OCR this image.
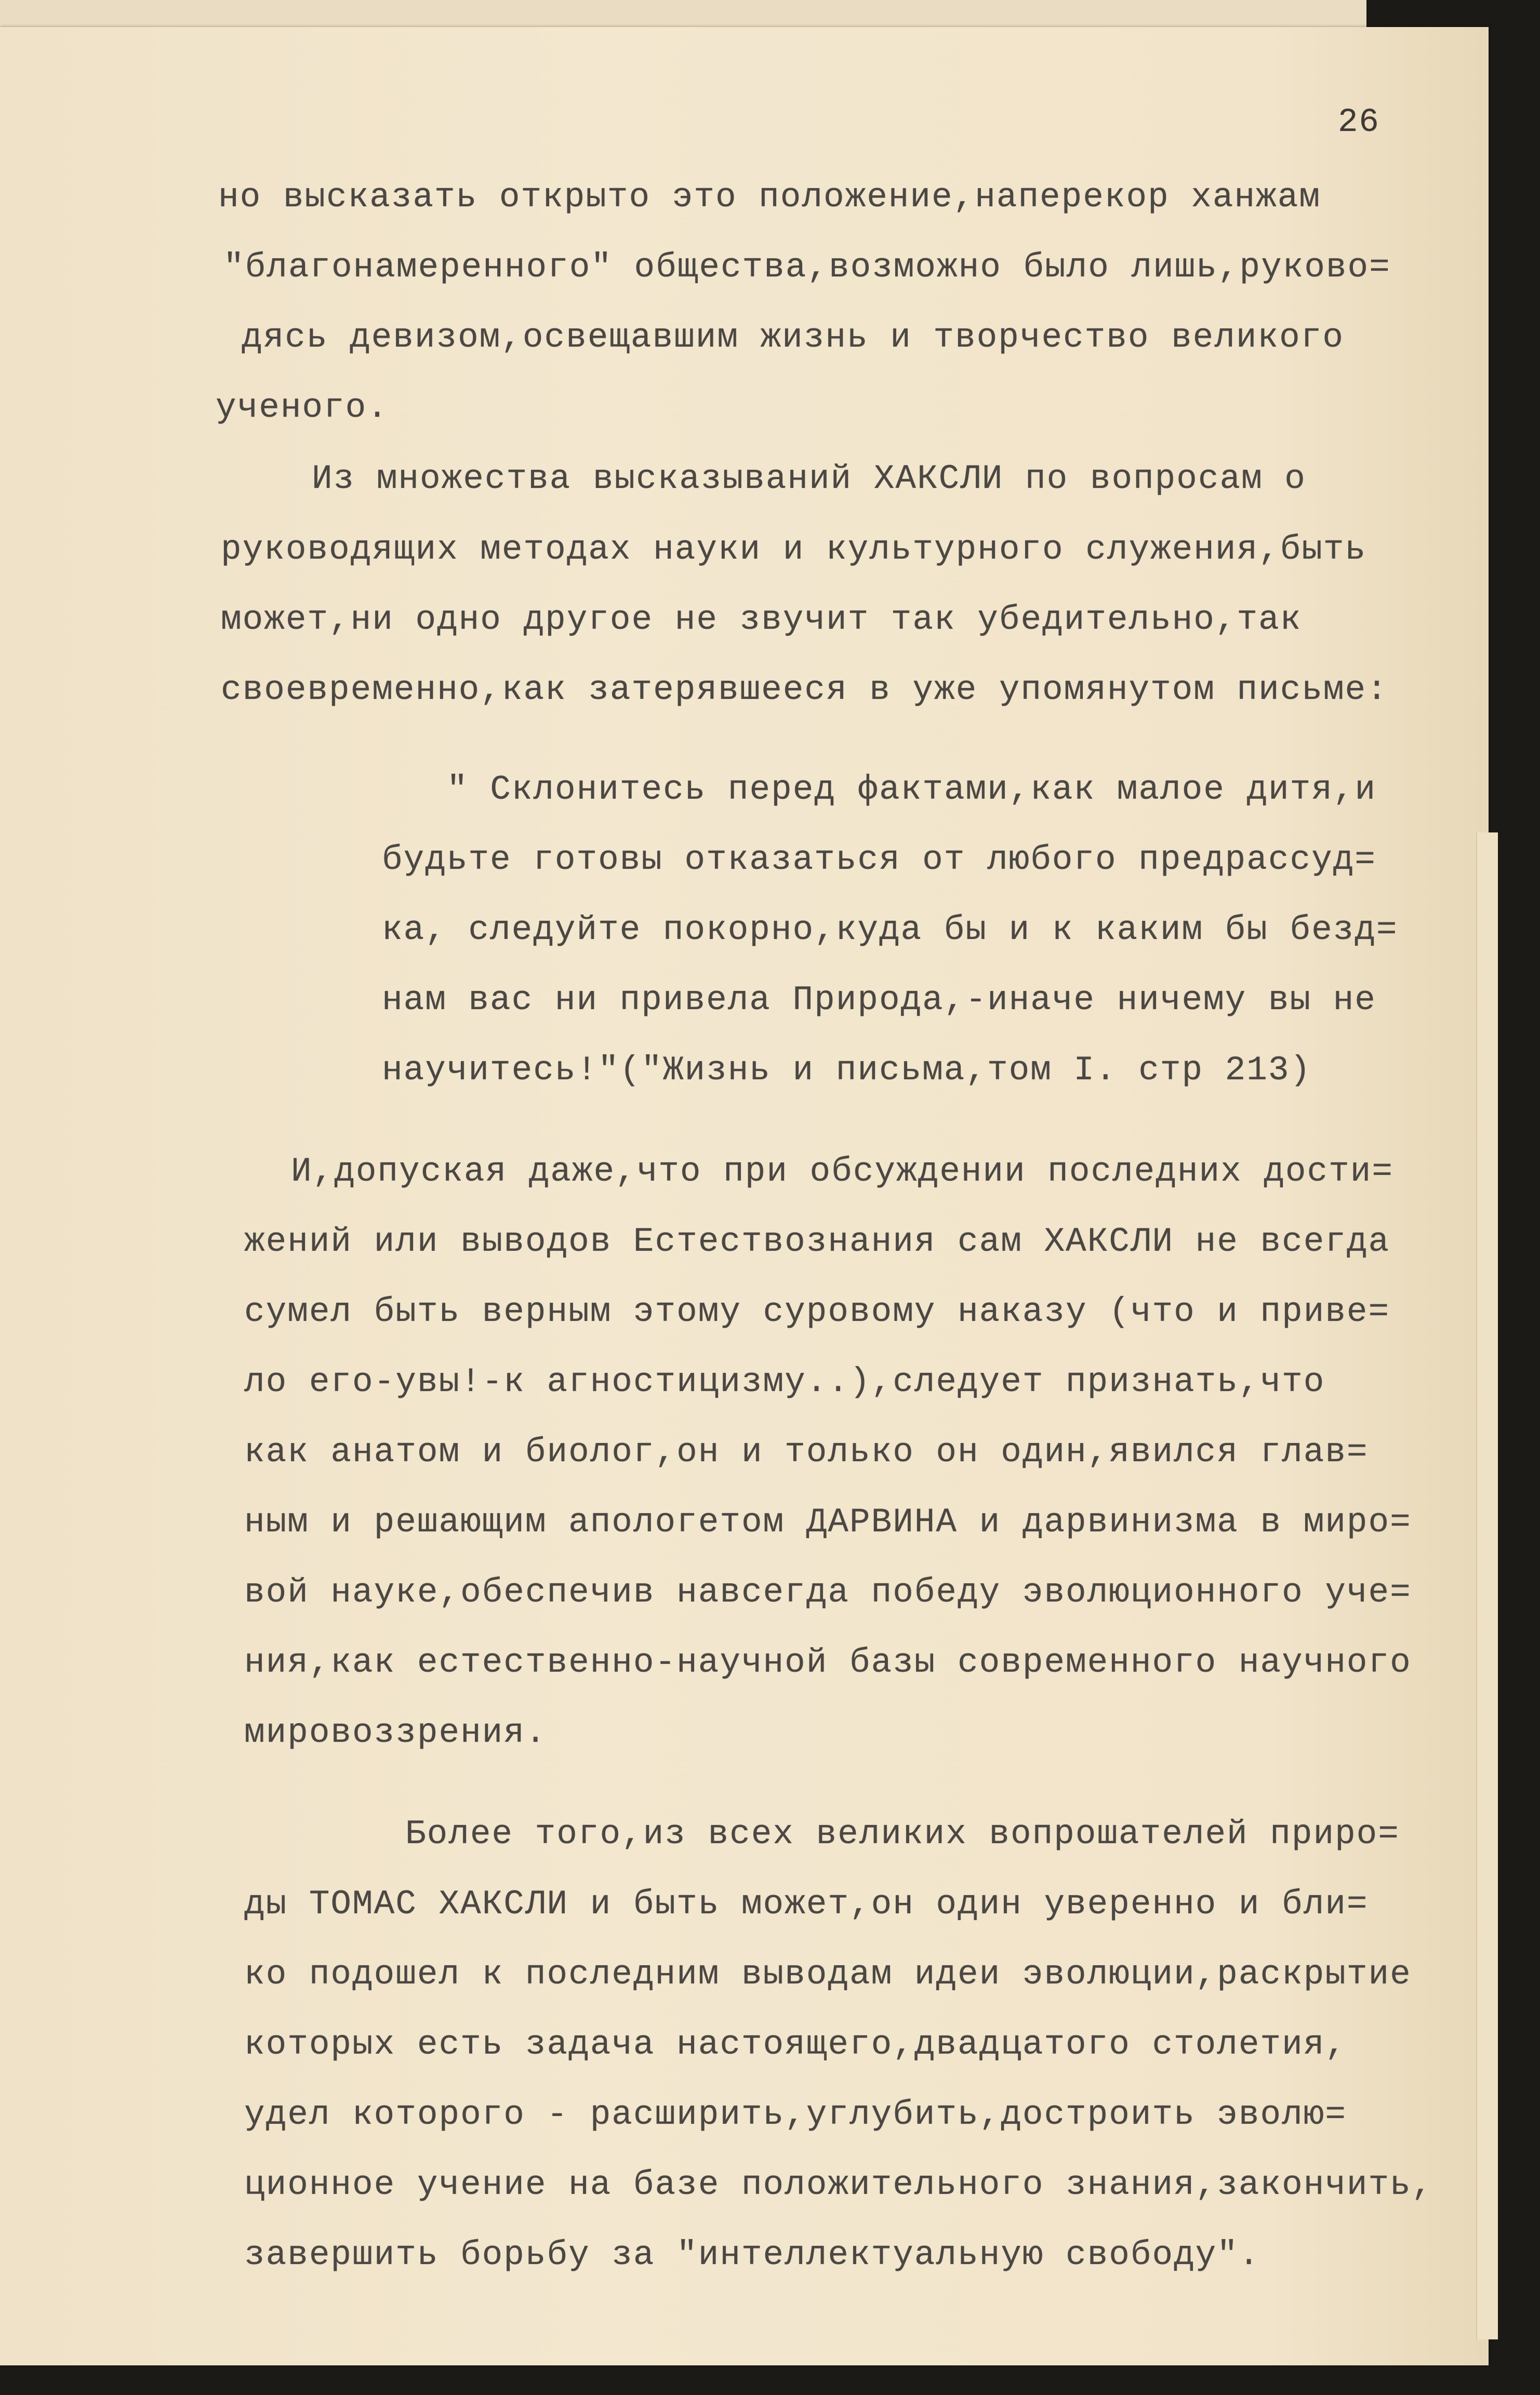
26
но высказать открыто это положение,наперекор ханжам
"благонамеренного" общества,возможно было лишь,руково=
дясь девизом,освещавшим жизнь и творчество великого
ученого.
Из множества высказываний ХАКСЛИ по вопросам о
руководящих методах науки и культурного служения,быть
может,ни одно другое не звучит так убедительно,так
своевременно,как затерявшееся в уже упомянутом письме:
" Склонитесь перед фактами,как малое дитя,и
будьте готовы отказаться от любого предрассуд=
ка, следуйте покорно,куда бы и к каким бы безд=
нам вас ни привела Природа,-иначе ничему вы не
научитесь!"("Жизнь и письма,том I. стр 213)
И,допуская даже,что при обсуждении последних дости=
жений или выводов Естествознания сам ХАКСЛИ не всегда
сумел быть верным этому суровому наказу (что и приве=
ло его-увы!-к агностицизму..),следует признать,что
как анатом и биолог,он и только он один,явился глав=
ным и решающим апологетом ДАРВИНА и дарвинизма в миро=
вой науке,обеспечив навсегда победу эволюционного уче=
ния,как естественно-научной базы современного научного
мировоззрения.
Более того,из всех великих вопрошателей приро=
ды ТОМАС ХАКСЛИ и быть может,он один уверенно и бли=
ко подошел к последним выводам идеи эволюции,раскрытие
которых есть задача настоящего,двадцатого столетия,
удел которого - расширить,углубить,достроить эволю=
ционное учение на базе положительного знания,закончить,
завершить борьбу за "интеллектуальную свободу".
